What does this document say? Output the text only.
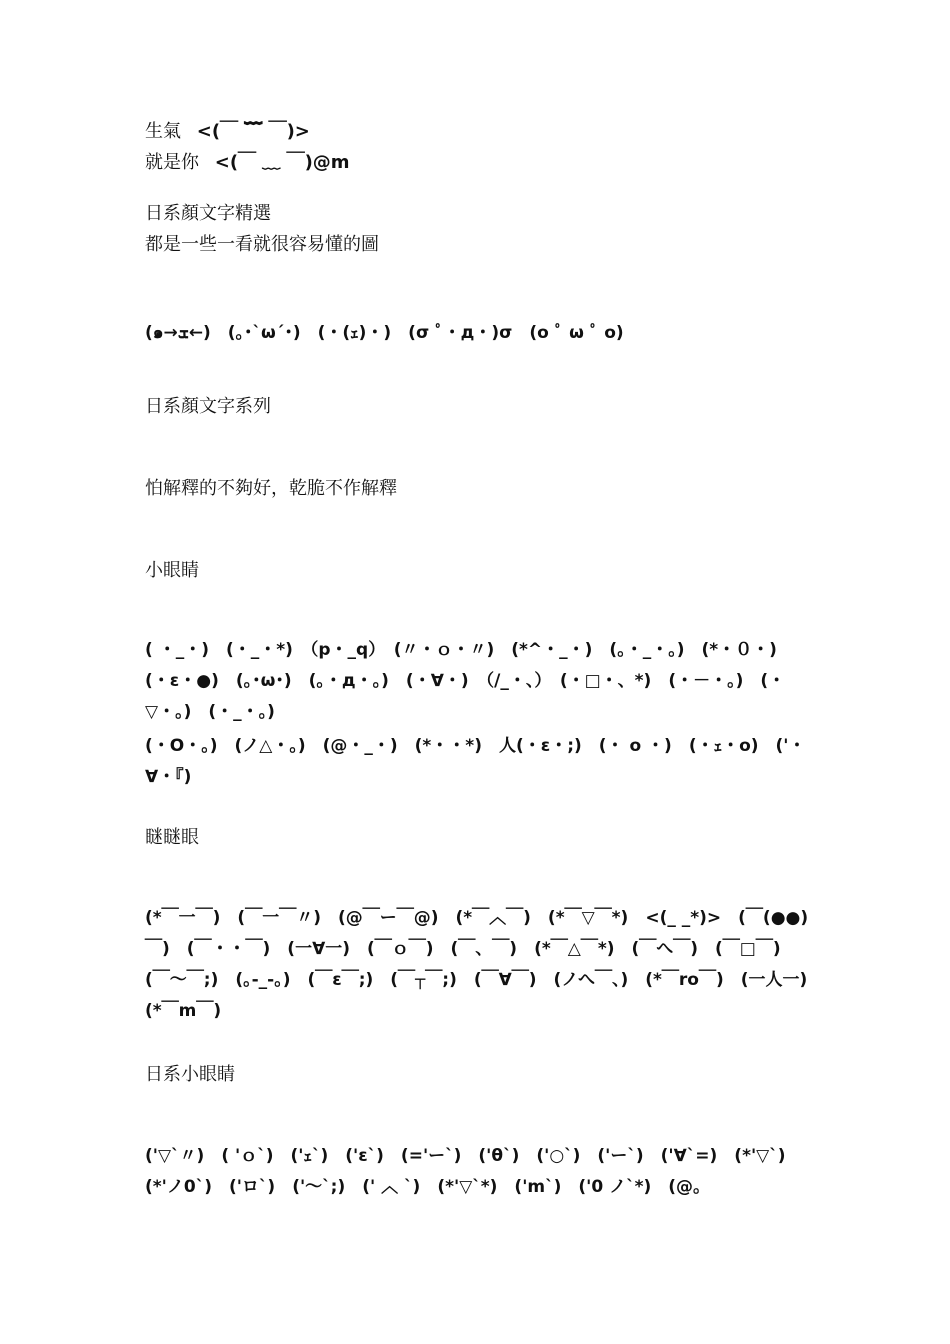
生氣 <(￣ ﹌ ￣)>
就是你 <(￣ ﹏ ￣)@m
日系顏文字精選
都是一些一看就很容易懂的圖
(๑→ܫ←)　(｡･`ω´･)　(・(ｪ)・)　(σ ﾟ・д・)σ　(o ﾟ ω ﾟ o)
日系顏文字系列
怕解釋的不夠好，乾脆不作解釋
小眼睛
( ・_・)　(・_・*)　（p・_q）　(〃・ｏ・〃)　(*^・_・)　(。・_・。)　(*・０・)　(・ε・●)　(｡･ω･)　(。・д・。)　(・∀・)　（/_・、）　(・□・、*)　(・－・。)　(・▽・。)　(・_・。)
(・O・。)　(ノ△・。)　(@・_・)　(*・・*)　人(・ε・;)　(・ o ・)　(・ｪ・o)　('・∀・『)
瞇瞇眼
(*￣一￣)　(￣一￣〃)　(@￣ー￣@)　(*￣︿￣)　(*￣▽￣*)　<(_ _*)>　(￣(●●)￣)　(￣・・￣)　(一∀一)　(￣ｏ￣)　(￣、￣)　(*￣△￣*)　(￣へ￣)　(￣□￣)　(￣～￣;)　(｡-_-｡)　(￣ε￣;)　(￣┬￣;)　(￣∀￣)　(ノへ￣、)　(*￣ro￣)　(一人一)　(*￣m￣)
日系小眼睛
('▽`〃)　( 'ｏ`)　('ｪ`)　('ε`)　(='ー`)　('θ`)　('○`)　('ー`)　('∀`=)　(*'▽`)　(*'ノ0`)　('ロ`)　('～`;)　(' ︿ `)　(*'▽`*)　('m`)　('0 ノ`*)　(@。
